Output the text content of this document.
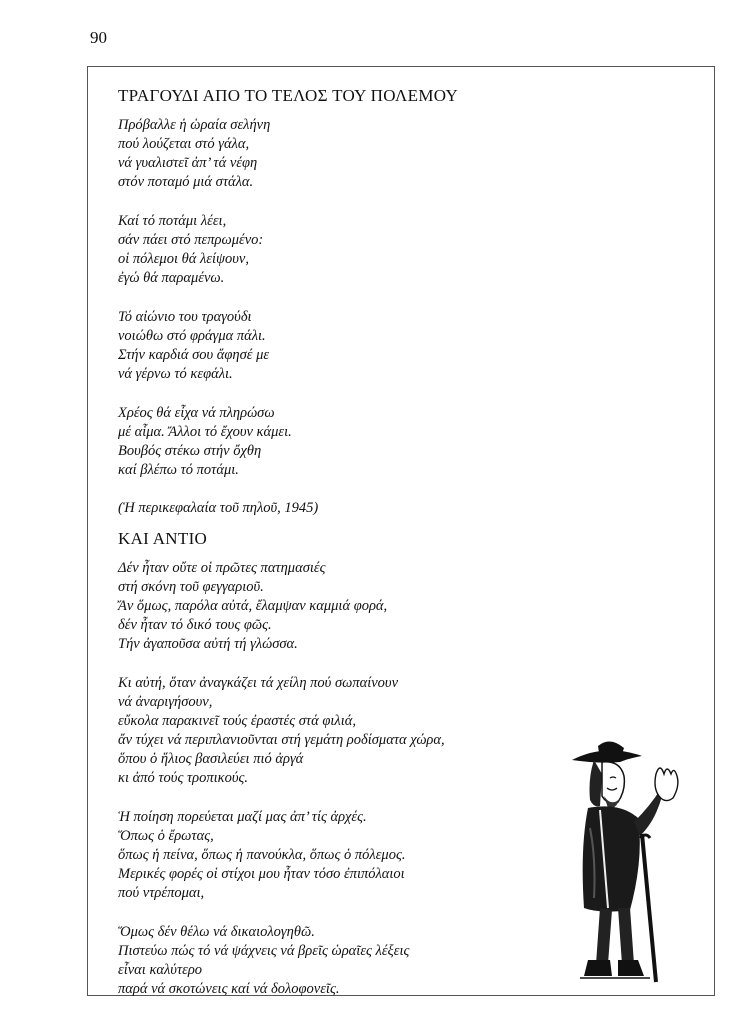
90
ΤΡΑΓΟΥΔΙ ΑΠΟ ΤΟ ΤΕΛΟΣ ΤΟΥ ΠΟΛΕΜΟΥ
Πρόβαλλε ἡ ὡραία σελήνη
πού λούζεται στό γάλα,
νά γυαλιστεῖ ἀπ’ τά νέφη
στόν ποταμό μιά στάλα.
Καί τό ποτάμι λέει,
σάν πάει στό πεπρωμένο:
οἱ πόλεμοι θά λείψουν,
ἐγώ θά παραμένω.
Τό αἰώνιο του τραγούδι
νοιώθω στό φράγμα πάλι.
Στήν καρδιά σου ἄφησέ με
νά γέρνω τό κεφάλι.
Χρέος θά εἶχα νά πληρώσω
μέ αἷμα. Ἄλλοι τό ἔχουν κάμει.
Βουβός στέκω στήν ὄχθη
καί βλέπω τό ποτάμι.
(Ἡ περικεφαλαία τοῦ πηλοῦ, 1945)
ΚΑΙ ΑΝΤΙΟ
Δέν ἦταν οὔτε οἱ πρῶτες πατημασιές
στή σκόνη τοῦ φεγγαριοῦ.
Ἄν ὅμως, παρόλα αὐτά, ἔλαμψαν καμμιά φορά,
δέν ἦταν τό δικό τους φῶς.
Τήν ἀγαποῦσα αὐτή τή γλώσσα.
Κι αὐτή, ὅταν ἀναγκάζει τά χείλη πού σωπαίνουν
νά ἀναριγήσουν,
εὔκολα παρακινεῖ τούς ἐραστές στά φιλιά,
ἄν τύχει νά περιπλανιοῦνται στή γεμάτη ροδίσματα χώρα,
ὅπου ὁ ἥλιος βασιλεύει πιό ἀργά
κι ἀπό τούς τροπικούς.
Ἡ ποίηση πορεύεται μαζί μας ἀπ’ τίς ἀρχές.
Ὅπως ὁ ἔρωτας,
ὅπως ἡ πείνα, ὅπως ἡ πανούκλα, ὅπως ὁ πόλεμος.
Μερικές φορές οἱ στίχοι μου ἦταν τόσο ἐπιπόλαιοι
πού ντρέπομαι,
Ὅμως δέν θέλω νά δικαιολογηθῶ.
Πιστεύω πώς τό νά ψάχνεις νά βρεῖς ὡραῖες λέξεις
εἶναι καλύτερο
παρά νά σκοτώνεις καί νά δολοφονεῖς.
